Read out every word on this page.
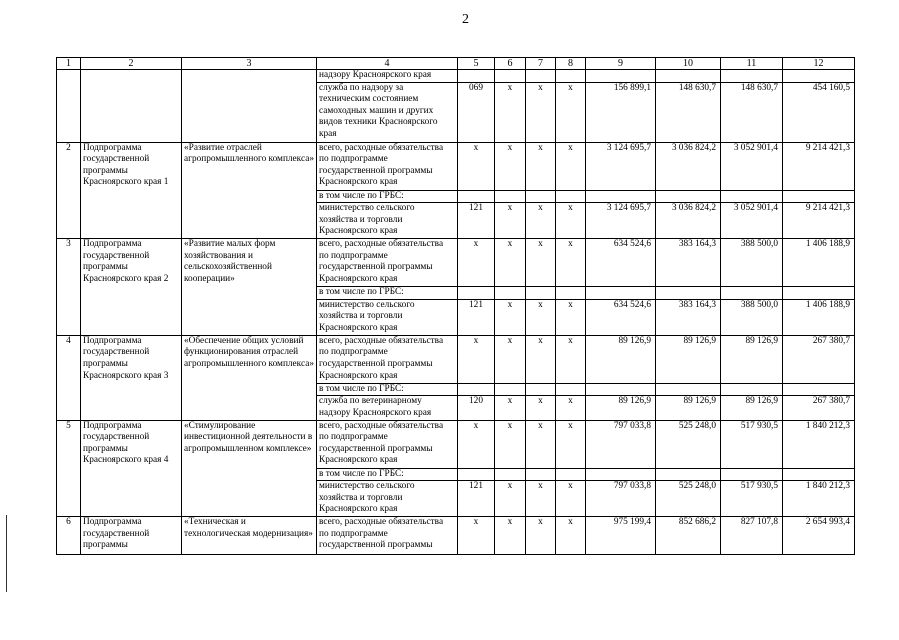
2
1	2	3	4	5	6	7	8	9	10	11	12
			надзору Красноярского края								
			служба по надзору за техническим состоянием самоходных машин и других видов техники Красноярского края	069	х	х	х	156 899,1	148 630,7	148 630,7	454 160,5
2	Подпрограмма государственной программы Красноярского края 1	«Развитие отраслей агропромышленного комплекса»	всего, расходные обязательства по подпрограмме государственной программы Красноярского края	х	х	х	х	3 124 695,7	3 036 824,2	3 052 901,4	9 214 421,3
			в том числе по ГРБС:								
			министерство сельского хозяйства и торговли Красноярского края	121	х	х	х	3 124 695,7	3 036 824,2	3 052 901,4	9 214 421,3
3	Подпрограмма государственной программы Красноярского края 2	«Развитие малых форм хозяйствования и сельскохозяйственной кооперации»	всего, расходные обязательства по подпрограмме государственной программы Красноярского края	х	х	х	х	634 524,6	383 164,3	388 500,0	1 406 188,9
			в том числе по ГРБС:								
			министерство сельского хозяйства и торговли Красноярского края	121	х	х	х	634 524,6	383 164,3	388 500,0	1 406 188,9
4	Подпрограмма государственной программы Красноярского края 3	«Обеспечение общих условий функционирования отраслей агропромышленного комплекса»	всего, расходные обязательства по подпрограмме государственной программы Красноярского края	х	х	х	х	89 126,9	89 126,9	89 126,9	267 380,7
			в том числе по ГРБС:								
			служба по ветеринарному надзору Красноярского края	120	х	х	х	89 126,9	89 126,9	89 126,9	267 380,7
5	Подпрограмма государственной программы Красноярского края 4	«Стимулирование инвестиционной деятельности в агропромышленном комплексе»	всего, расходные обязательства по подпрограмме государственной программы Красноярского края	х	х	х	х	797 033,8	525 248,0	517 930,5	1 840 212,3
			в том числе по ГРБС:								
			министерство сельского хозяйства и торговли Красноярского края	121	х	х	х	797 033,8	525 248,0	517 930,5	1 840 212,3
6	Подпрограмма государственной программы	«Техническая и технологическая модернизация»	всего, расходные обязательства по подпрограмме государственной программы	х	х	х	х	975 199,4	852 686,2	827 107,8	2 654 993,4
